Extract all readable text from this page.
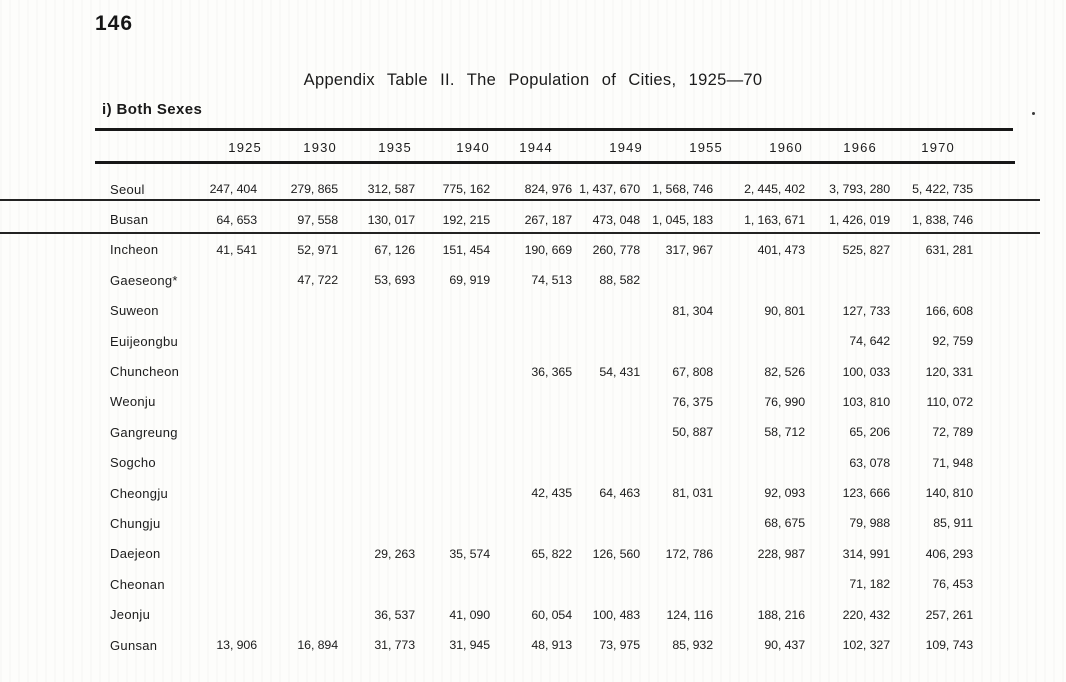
146
Appendix Table II. The Population of Cities, 1925—70
i) Both Sexes
1925	1930	1935	1940 1944	1949	1955	1960	1966	1970
Seoul	247, 404	279, 865	312, 587	775, 162	824, 976	1, 437, 670	1, 568, 746	2, 445, 402	3, 793, 280	5, 422, 735
Busan	64, 653	97, 558	130, 017	192, 215	267, 187	473, 048	1, 045, 183	1, 163, 671	1, 426, 019	1, 838, 746
Incheon	41, 541	52, 971	67, 126	151, 454	190, 669	260, 778	317, 967	401, 473	525, 827	631, 281
Gaeseong*		47, 722	53, 693	69, 919	74, 513	88, 582				
Suweon							81, 304	90, 801	127, 733	166, 608
Euijeongbu									74, 642	92, 759
Chuncheon					36, 365	54, 431	67, 808	82, 526	100, 033	120, 331
Weonju							76, 375	76, 990	103, 810	110, 072
Gangreung							50, 887	58, 712	65, 206	72, 789
Sogcho									63, 078	71, 948
Cheongju					42, 435	64, 463	81, 031	92, 093	123, 666	140, 810
Chungju								68, 675	79, 988	85, 911
Daejeon			29, 263	35, 574	65, 822	126, 560	172, 786	228, 987	314, 991	406, 293
Cheonan									71, 182	76, 453
Jeonju			36, 537	41, 090	60, 054	100, 483	124, 116	188, 216	220, 432	257, 261
Gunsan	13, 906	16, 894	31, 773	31, 945	48, 913	73, 975	85, 932	90, 437	102, 327	109, 743
